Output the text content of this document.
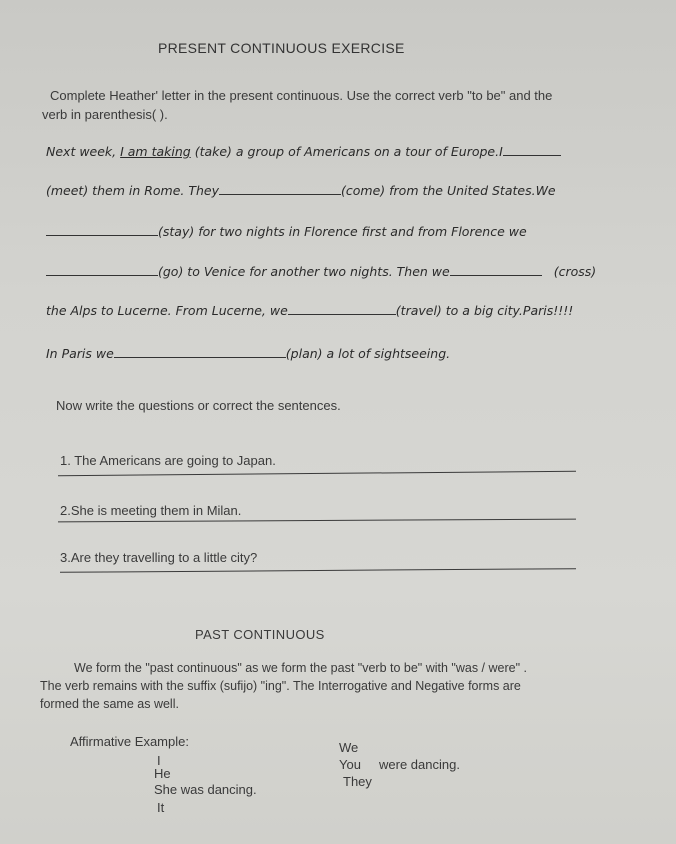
PRESENT CONTINUOUS EXERCISE
Complete Heather' letter in the present continuous. Use the correct verb "to be" and the
verb in parenthesis( ).
Next week, I am taking (take) a group of Americans on a tour of Europe.I
(meet) them in Rome. They	(come) from the United States.We
(stay) for two nights in Florence first and from Florence we
(go) to Venice for another two nights. Then we	(cross)
the Alps to Lucerne. From Lucerne, we	(travel) to a big city.Paris!!!!
In Paris we	(plan) a lot of sightseeing.
Now write the questions or correct the sentences.
1. The Americans are going to Japan.
2.She is meeting them in Milan.
3.Are they travelling to a little city?
PAST CONTINUOUS
We form the "past continuous" as we form the past "verb to be" with "was / were" .
The verb remains with the suffix (sufijo) "ing". The Interrogative and Negative forms are
formed the same as well.
Affirmative Example:
I
He
She was dancing.
It
We
You     were dancing.
They
